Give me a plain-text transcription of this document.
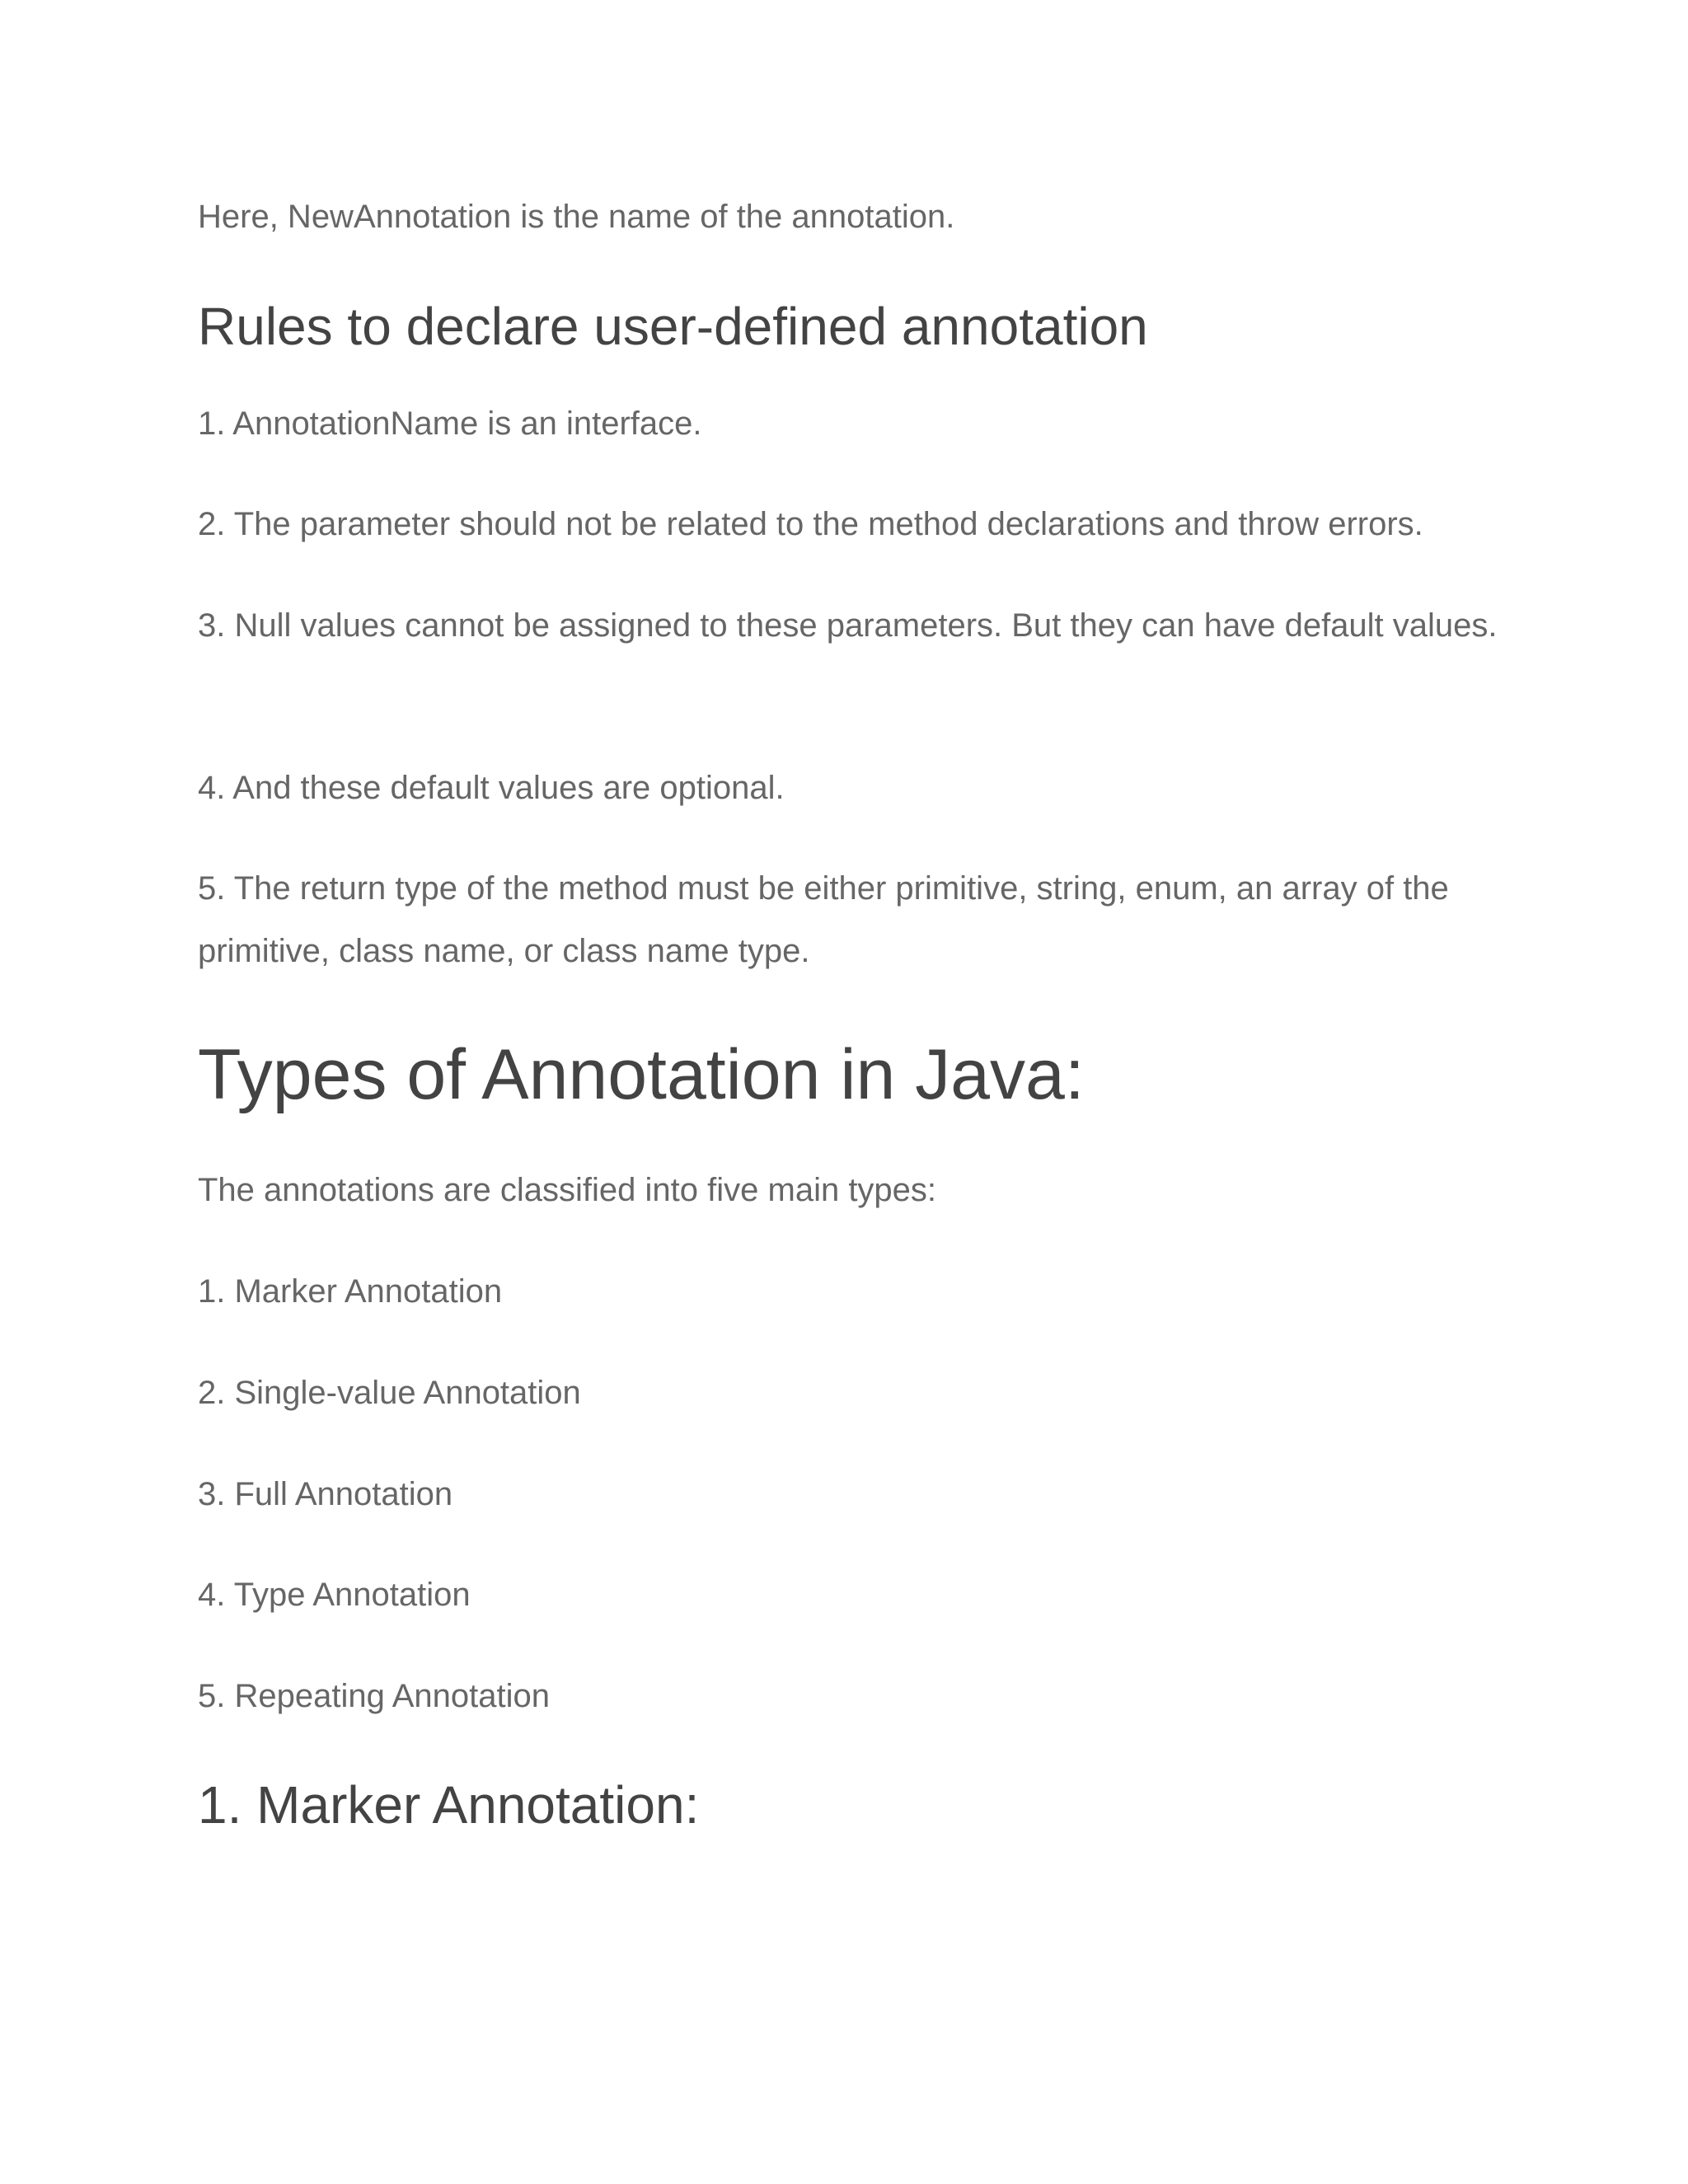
Here, NewAnnotation is the name of the annotation.

Rules to declare user-defined annotation

1. AnnotationName is an interface.

2. The parameter should not be related to the method declarations and throw errors.

3. Null values cannot be assigned to these parameters. But they can have default values.

4. And these default values are optional.

5. The return type of the method must be either primitive, string, enum, an array of the primitive, class name, or class name type.

Types of Annotation in Java:

The annotations are classified into five main types:

1. Marker Annotation

2. Single-value Annotation

3. Full Annotation

4. Type Annotation

5. Repeating Annotation

1. Marker Annotation:
